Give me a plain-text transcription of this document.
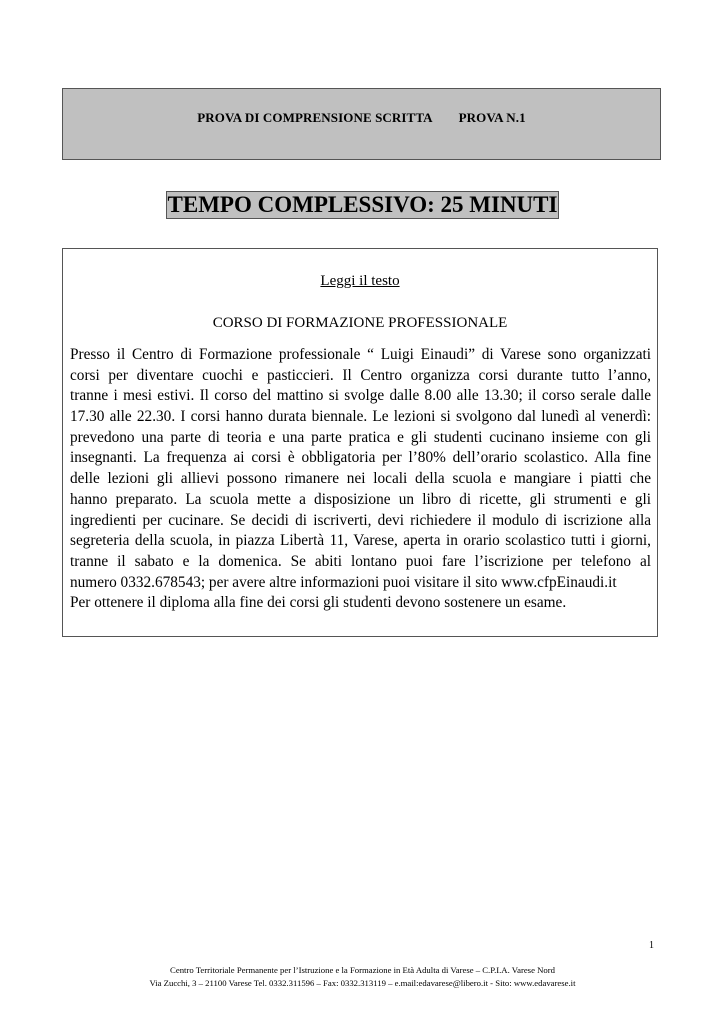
PROVA DI COMPRENSIONE SCRITTA PROVA N.1
TEMPO COMPLESSIVO: 25 MINUTI
Leggi il testo
CORSO DI FORMAZIONE PROFESSIONALE
Presso il Centro di Formazione professionale “ Luigi Einaudi” di Varese sono organizzati
corsi per diventare cuochi e pasticcieri. Il Centro organizza corsi durante tutto l’anno,
tranne i mesi estivi. Il corso del mattino si svolge dalle 8.00 alle 13.30; il corso serale dalle
17.30 alle 22.30. I corsi hanno durata biennale. Le lezioni si svolgono dal lunedì al venerdì:
prevedono una parte di teoria e una parte pratica e gli studenti cucinano insieme con gli
insegnanti. La frequenza ai corsi è obbligatoria per l’80% dell’orario scolastico. Alla fine
delle lezioni gli allievi possono rimanere nei locali della scuola e mangiare i piatti che
hanno preparato. La scuola mette a disposizione un libro di ricette, gli strumenti e gli
ingredienti per cucinare. Se decidi di iscriverti, devi richiedere il modulo di iscrizione alla
segreteria della scuola, in piazza Libertà 11, Varese, aperta in orario scolastico tutti i giorni,
tranne il sabato e la domenica. Se abiti lontano puoi fare l’iscrizione per telefono al
numero 0332.678543; per avere altre informazioni puoi visitare il sito www.cfpEinaudi.it
Per ottenere il diploma alla fine dei corsi gli studenti devono sostenere un esame.
1
Centro Territoriale Permanente per l’Istruzione e la Formazione in Età Adulta di Varese – C.P.I.A. Varese Nord
Via Zucchi, 3 – 21100 Varese Tel. 0332.311596 – Fax: 0332.313119 – e.mail:edavarese@libero.it - Sito: www.edavarese.it
